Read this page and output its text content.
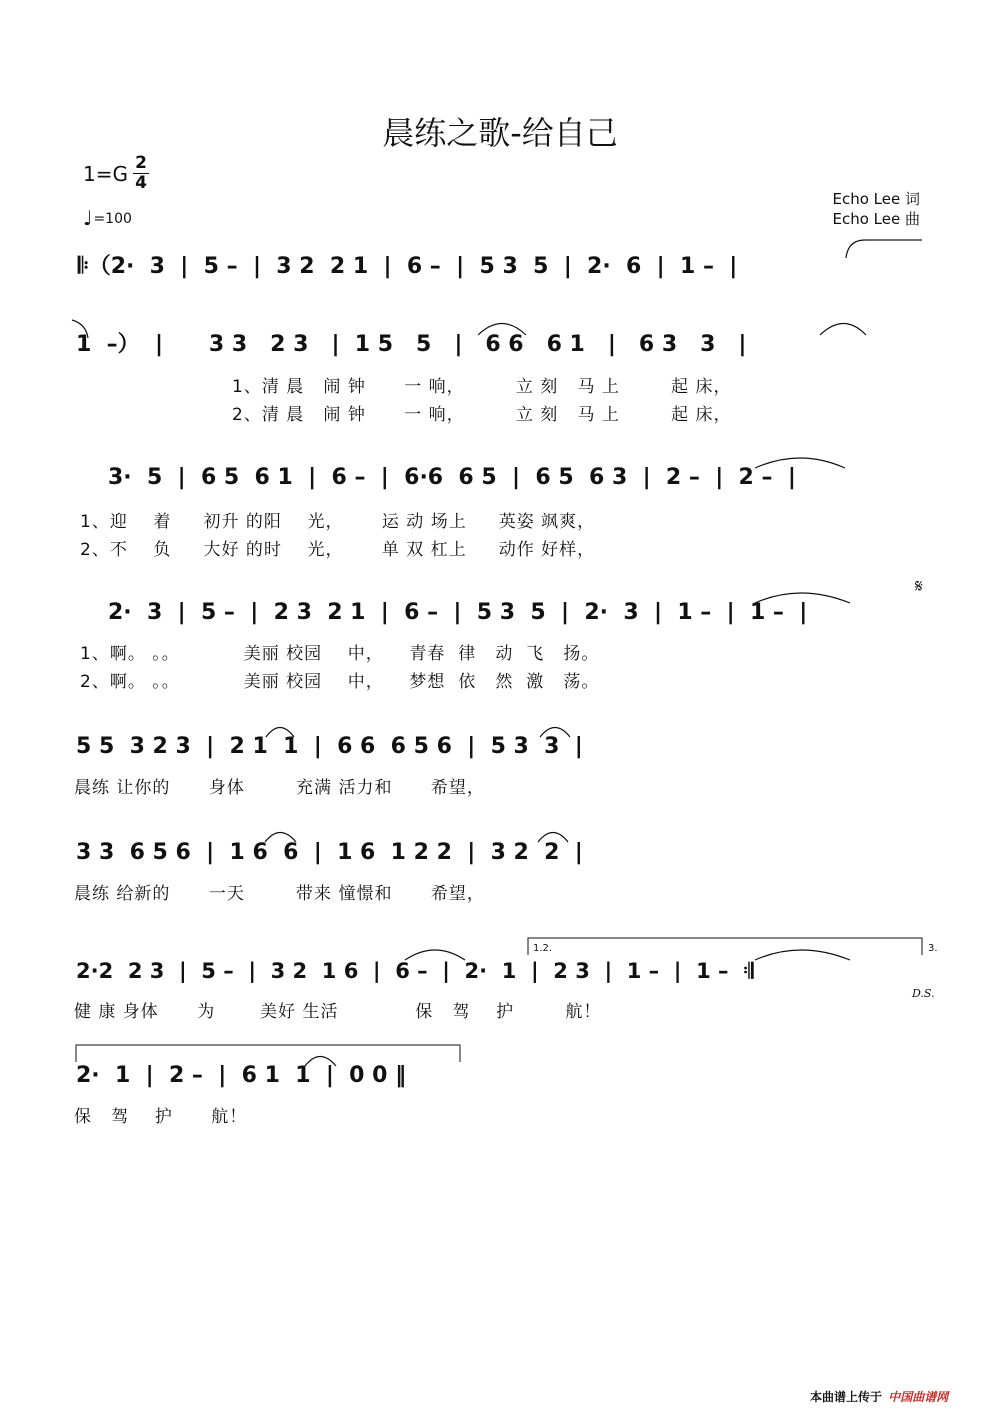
晨练之歌-给自己
1=G 2
4
♩=100
Echo Lee 词
Echo Lee 曲
𝄆（2·  3  |  5 –  |  3 2  2 1  |  6 –  |  5 3  5  |  2·  6  |  1 –  |
1  –）  |      3 3   2 3   |  1 5   5   |   6 6   6 1   |   6 3   3   |
1、清 晨   闹 钟      一 响，        立 刻   马 上        起 床，
2、清 晨   闹 钟      一 响，        立 刻   马 上        起 床，
3·  5  |  6 5  6 1  |  6 –  |  6·6  6 5  |  6 5  6 3  |  2 –  |  2 –  |
1、迎    着     初升 的阳    光，      运 动 场上     英姿 飒爽，
2、不    负     大好 的时    光，      单 双 杠上     动作 好样，
2·  3  |  5 –  |  2 3  2 1  |  6 –  |  5 3  5  |  2·  3  |  1 –  |  1 –  |
1、啊。 。。          美丽 校园    中，    青春  律   动  飞   扬。
2、啊。 。。          美丽 校园    中，    梦想  依   然  激   荡。
5 5  3 2 3  |  2 1  1  |  6 6  6 5 6  |  5 3  3  |
晨练 让你的      身体        充满 活力和      希望，
3 3  6 5 6  |  1 6  6  |  1 6  1 2 2  |  3 2  2  |
晨练 给新的      一天        带来 憧憬和      希望，
2·2  2 3  |  5 –  |  3 2  1 6  |  6 –  |  2·  1  |  2 3  |  1 –  |  1 –  𝄇
健 康 身体      为       美好 生活            保   驾    护        航！
2·  1  |  2 –  |  6 1  1  |  0 0 ‖
保   驾    护      航！
𝄋
D.S.
1.2.	3.
本曲谱上传于 中国曲谱网
